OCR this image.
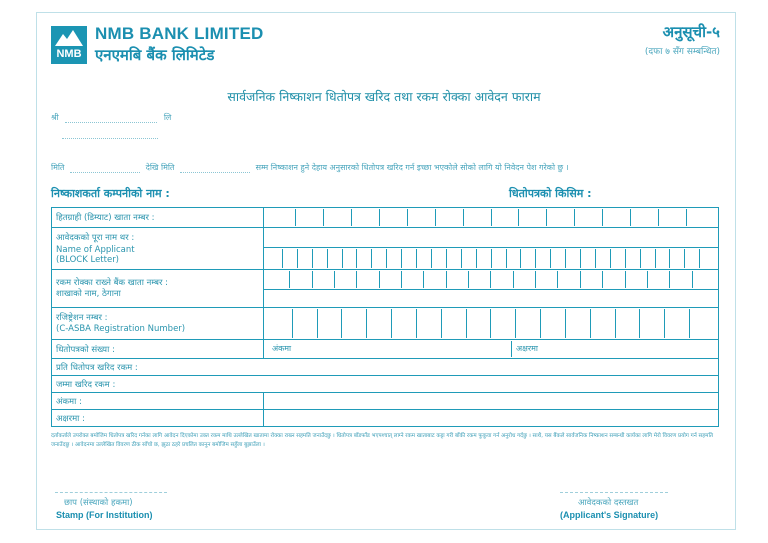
NMB
NMB BANK LIMITED
एनएमबि बैंक लिमिटेड
अनुसूची-५
(दफा ७ सँग सम्बन्धित)
सार्वजनिक निष्काशन धितोपत्र खरिद तथा रकम रोक्का आवेदन फाराम
श्री	लि
मिति	देखि मिति	सम्म निष्काशन हुने देहाय अनुसारको धितोपत्र खरिद गर्न इच्छा भएकोले सोको लागि यो निवेदन पेश गरेको छु ।
निष्काशकर्ता कम्पनीको नाम :	धितोपत्रको किसिम :
हितग्राही (डिम्याट) खाता नम्बर :	

आवेदकको पूरा नाम थर :
Name of Applicant
(BLOCK Letter)	

रकम रोक्का राख्ने बैंक खाता नम्बर :
शाखाको नाम, ठेगाना	

रजिष्ट्रेशन नम्बर :
(C-ASBA Registration Number)	

धितोपत्रको संख्या :	अंकमा अक्षरमा

प्रति धितोपत्र खरिद रकम :	
जम्मा खरिद रकम :	
अंकमा :	
अक्षरमा :	
दर्ताकर्ताले उपरोक्त बमोजिम धितोपत्र खरिद गर्नका लागि आवेदन दिएकोमा उक्त रकम माथि उल्लेखित खातामा रोक्का राख्न सहमति जनाउँदछु । धितोपत्र बाँडफाँड भएपश्चात् लाग्ने रकम खाताबाट कट्टा गरी बाँकी रकम फुकुवा गर्न अनुरोध गर्दछु । साथै, यस बैंकले सार्वजनिक निष्काशन सम्बन्धी कार्यका लागि मेरो विवरण प्रयोग गर्न सहमति जनाउँदछु । आवेदनमा उल्लेखित विवरण ठीक साँचो छ, झुठा ठहरे प्रचलित कानुन बमोजिम सहुँला बुझाउँला ।
छाप (संस्थाको हकमा)
Stamp (For Institution)
आवेदकको दस्तखत
(Applicant's Signature)
